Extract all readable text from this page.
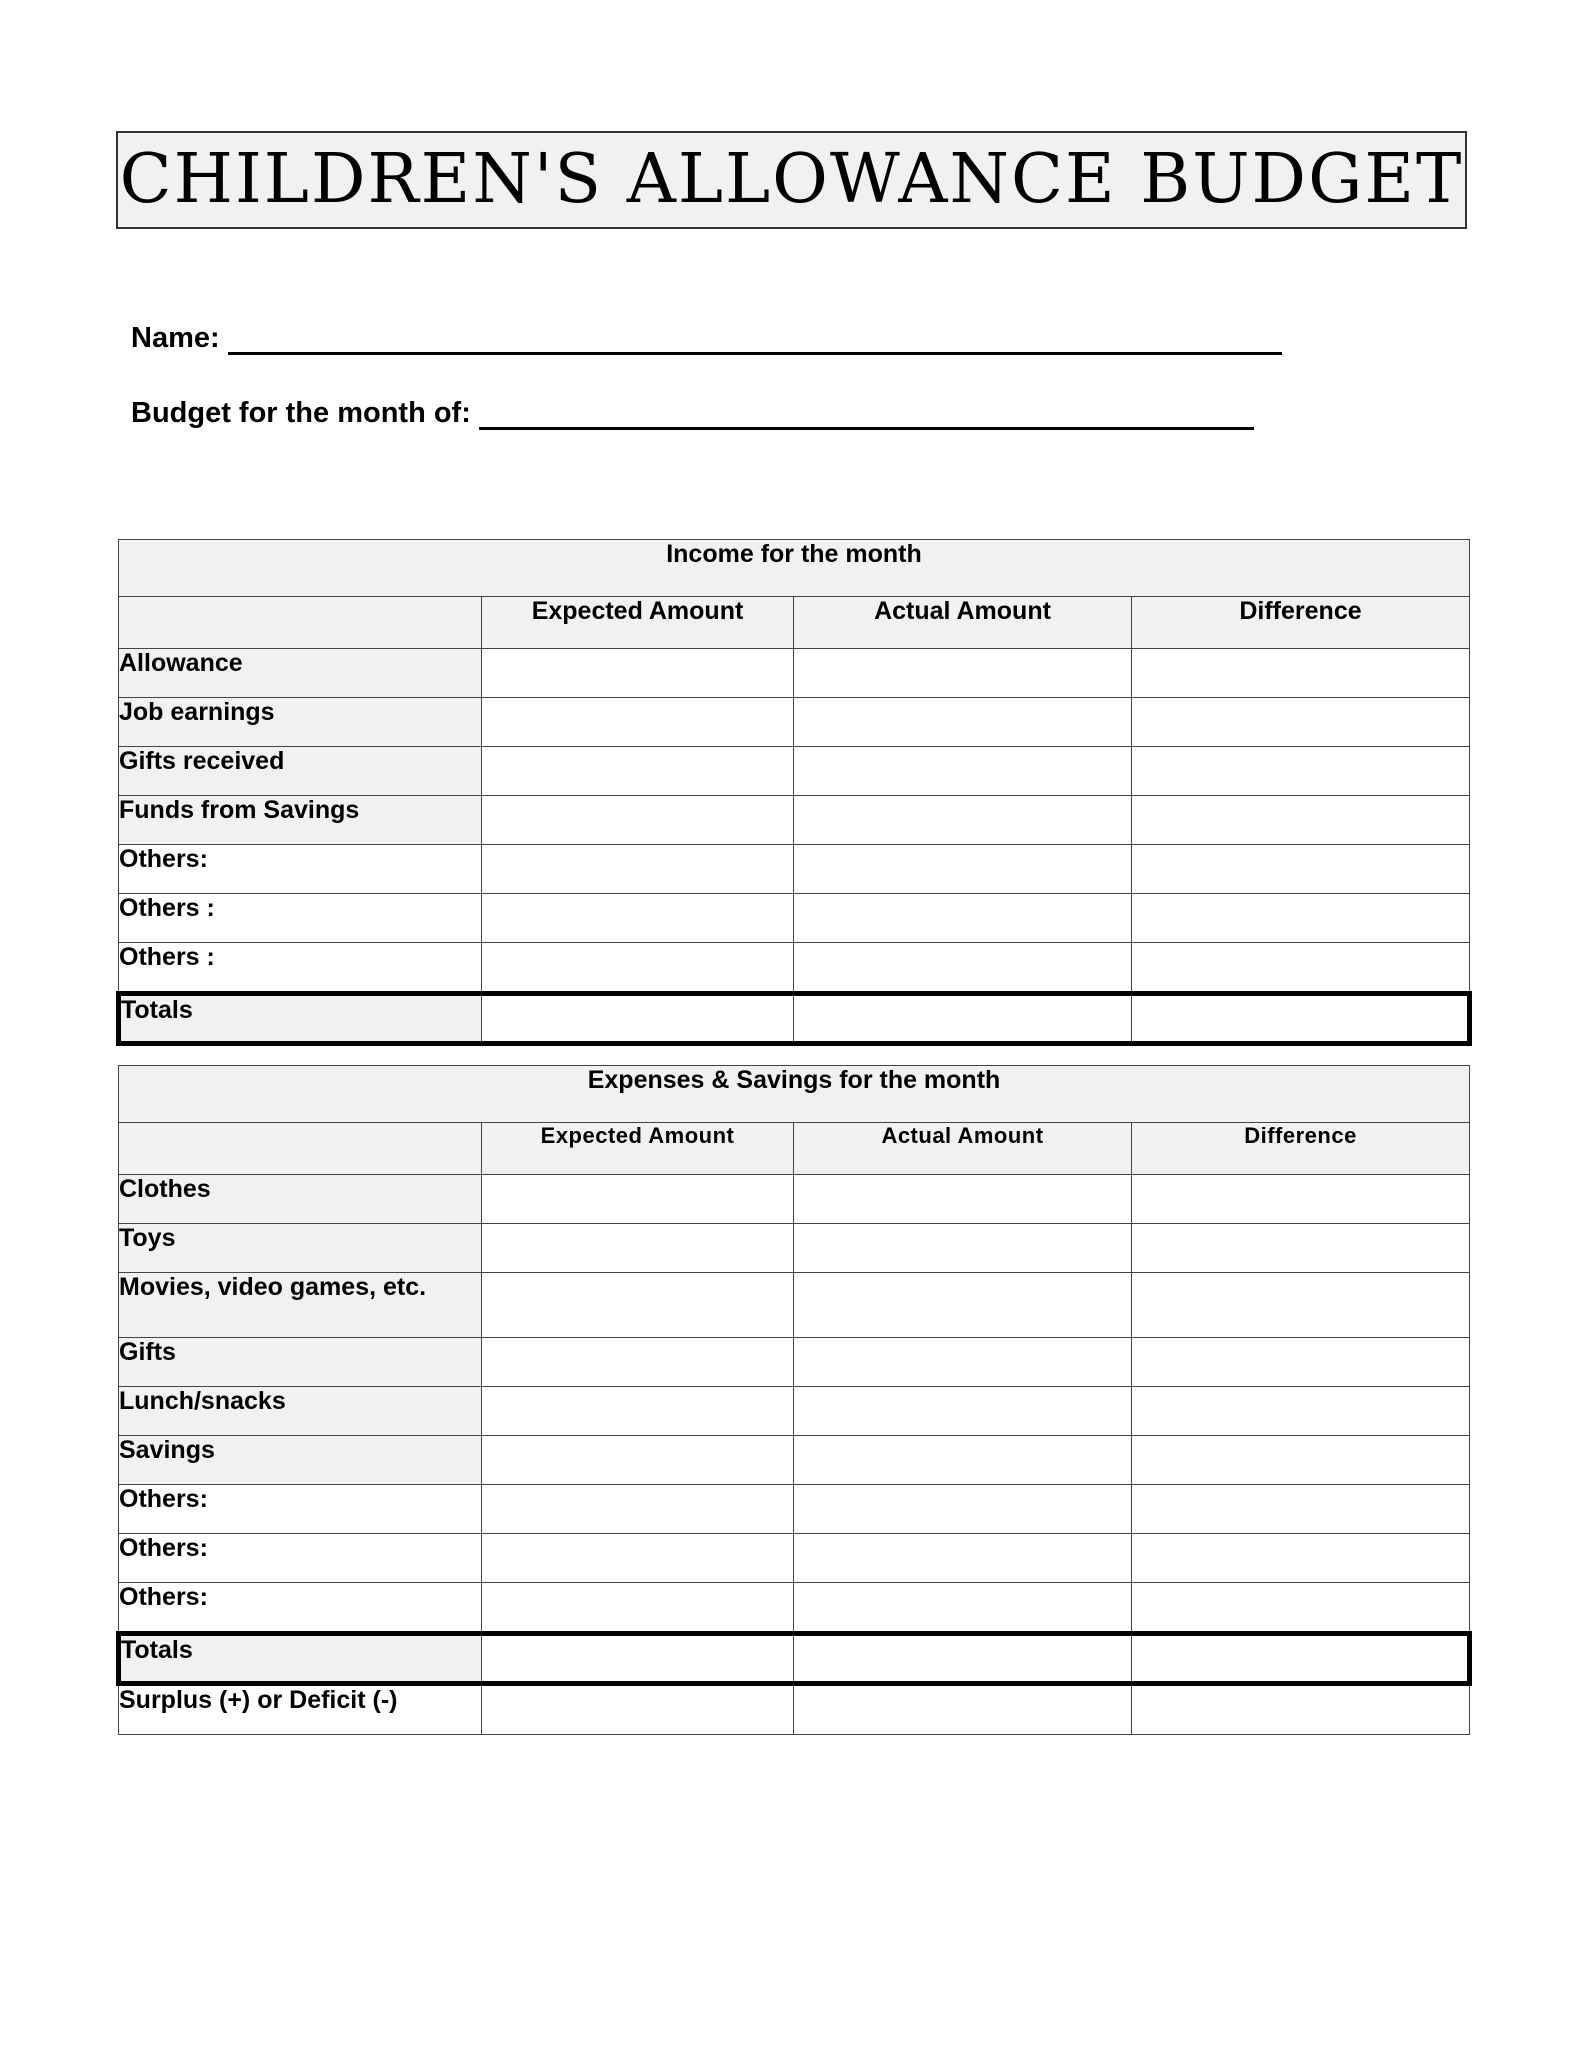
CHILDREN'S ALLOWANCE BUDGET
Name:
Budget for the month of:
Income for the month			
	Expected Amount	Actual Amount	Difference
Allowance			
Job earnings			
Gifts received			
Funds from Savings			
Others:			
Others :			
Others :			
Totals			
Expenses & Savings for the month			
	Expected Amount	Actual Amount	Difference
Clothes			
Toys			
Movies, video games, etc.			
Gifts			
Lunch/snacks			
Savings			
Others:			
Others:			
Others:			
Totals			
Surplus (+) or Deficit (-)			
